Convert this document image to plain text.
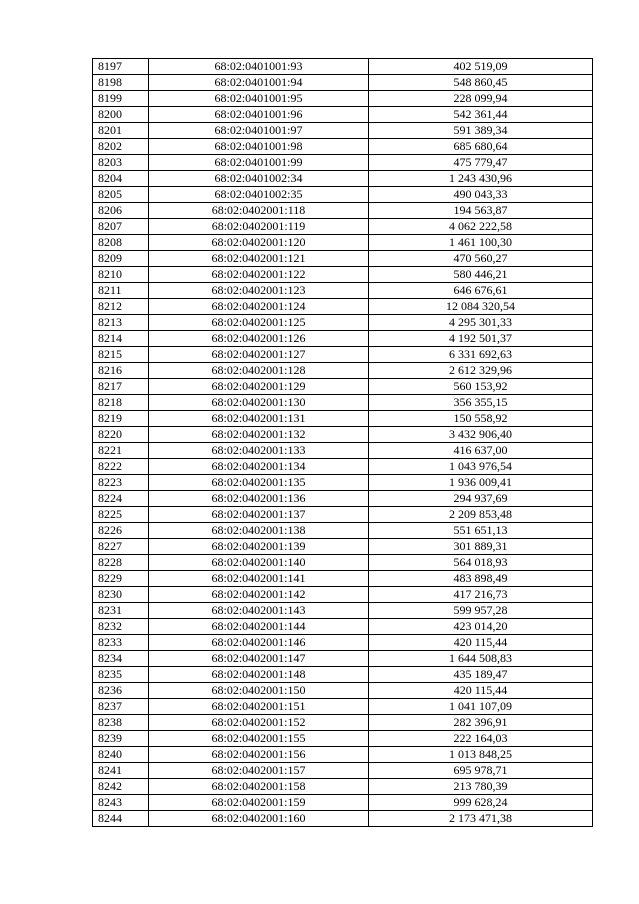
8197	68:02:0401001:93	402 519,09
8198	68:02:0401001:94	548 860,45
8199	68:02:0401001:95	228 099,94
8200	68:02:0401001:96	542 361,44
8201	68:02:0401001:97	591 389,34
8202	68:02:0401001:98	685 680,64
8203	68:02:0401001:99	475 779,47
8204	68:02:0401002:34	1 243 430,96
8205	68:02:0401002:35	490 043,33
8206	68:02:0402001:118	194 563,87
8207	68:02:0402001:119	4 062 222,58
8208	68:02:0402001:120	1 461 100,30
8209	68:02:0402001:121	470 560,27
8210	68:02:0402001:122	580 446,21
8211	68:02:0402001:123	646 676,61
8212	68:02:0402001:124	12 084 320,54
8213	68:02:0402001:125	4 295 301,33
8214	68:02:0402001:126	4 192 501,37
8215	68:02:0402001:127	6 331 692,63
8216	68:02:0402001:128	2 612 329,96
8217	68:02:0402001:129	560 153,92
8218	68:02:0402001:130	356 355,15
8219	68:02:0402001:131	150 558,92
8220	68:02:0402001:132	3 432 906,40
8221	68:02:0402001:133	416 637,00
8222	68:02:0402001:134	1 043 976,54
8223	68:02:0402001:135	1 936 009,41
8224	68:02:0402001:136	294 937,69
8225	68:02:0402001:137	2 209 853,48
8226	68:02:0402001:138	551 651,13
8227	68:02:0402001:139	301 889,31
8228	68:02:0402001:140	564 018,93
8229	68:02:0402001:141	483 898,49
8230	68:02:0402001:142	417 216,73
8231	68:02:0402001:143	599 957,28
8232	68:02:0402001:144	423 014,20
8233	68:02:0402001:146	420 115,44
8234	68:02:0402001:147	1 644 508,83
8235	68:02:0402001:148	435 189,47
8236	68:02:0402001:150	420 115,44
8237	68:02:0402001:151	1 041 107,09
8238	68:02:0402001:152	282 396,91
8239	68:02:0402001:155	222 164,03
8240	68:02:0402001:156	1 013 848,25
8241	68:02:0402001:157	695 978,71
8242	68:02:0402001:158	213 780,39
8243	68:02:0402001:159	999 628,24
8244	68:02:0402001:160	2 173 471,38
